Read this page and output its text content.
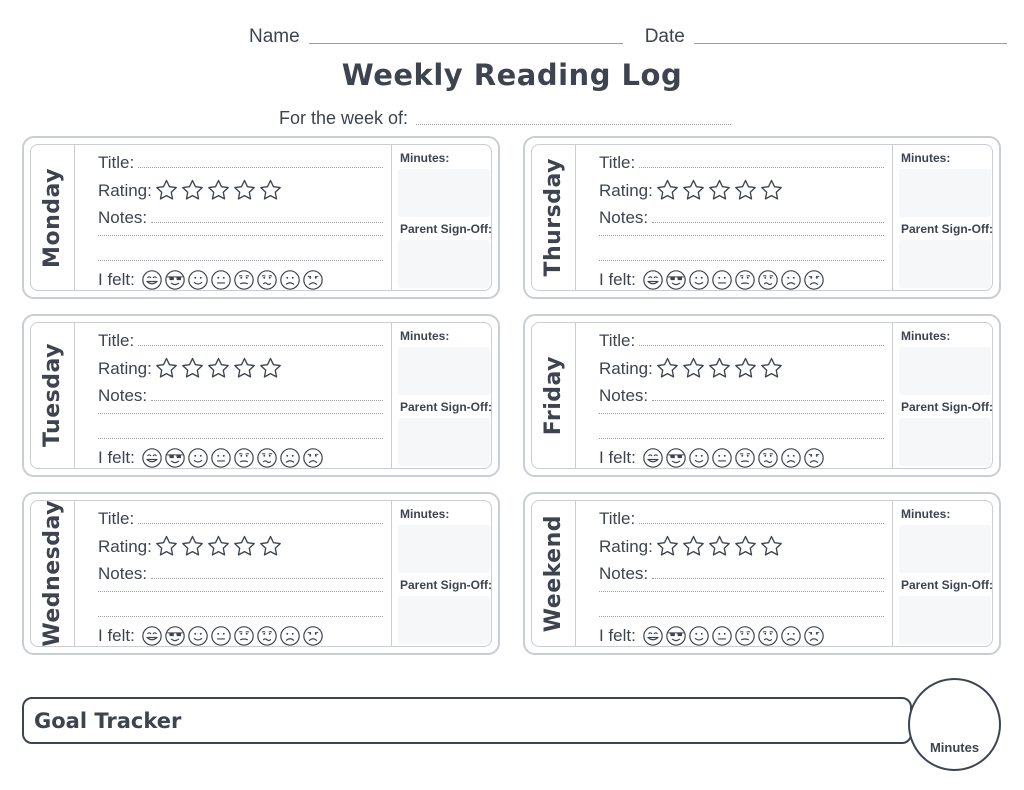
Name	Date
Weekly Reading Log
For the week of:
Monday
Title:
Rating:
Notes:
I felt:
Minutes:
Parent Sign-Off:
Tuesday
Title:
Rating:
Notes:
I felt:
Minutes:
Parent Sign-Off:
Wednesday Title:
Rating:
Notes:
I felt:
Minutes:
Parent Sign-Off:
Thursday Title:
Rating:
Notes:
I felt:
Minutes:
Parent Sign-Off:
Friday
Title:
Rating:
Notes:
I felt:
Minutes:
Parent Sign-Off:
Weekend Title:
Rating:
Notes:
I felt:
Minutes:
Parent Sign-Off:
Goal Tracker
Minutes
